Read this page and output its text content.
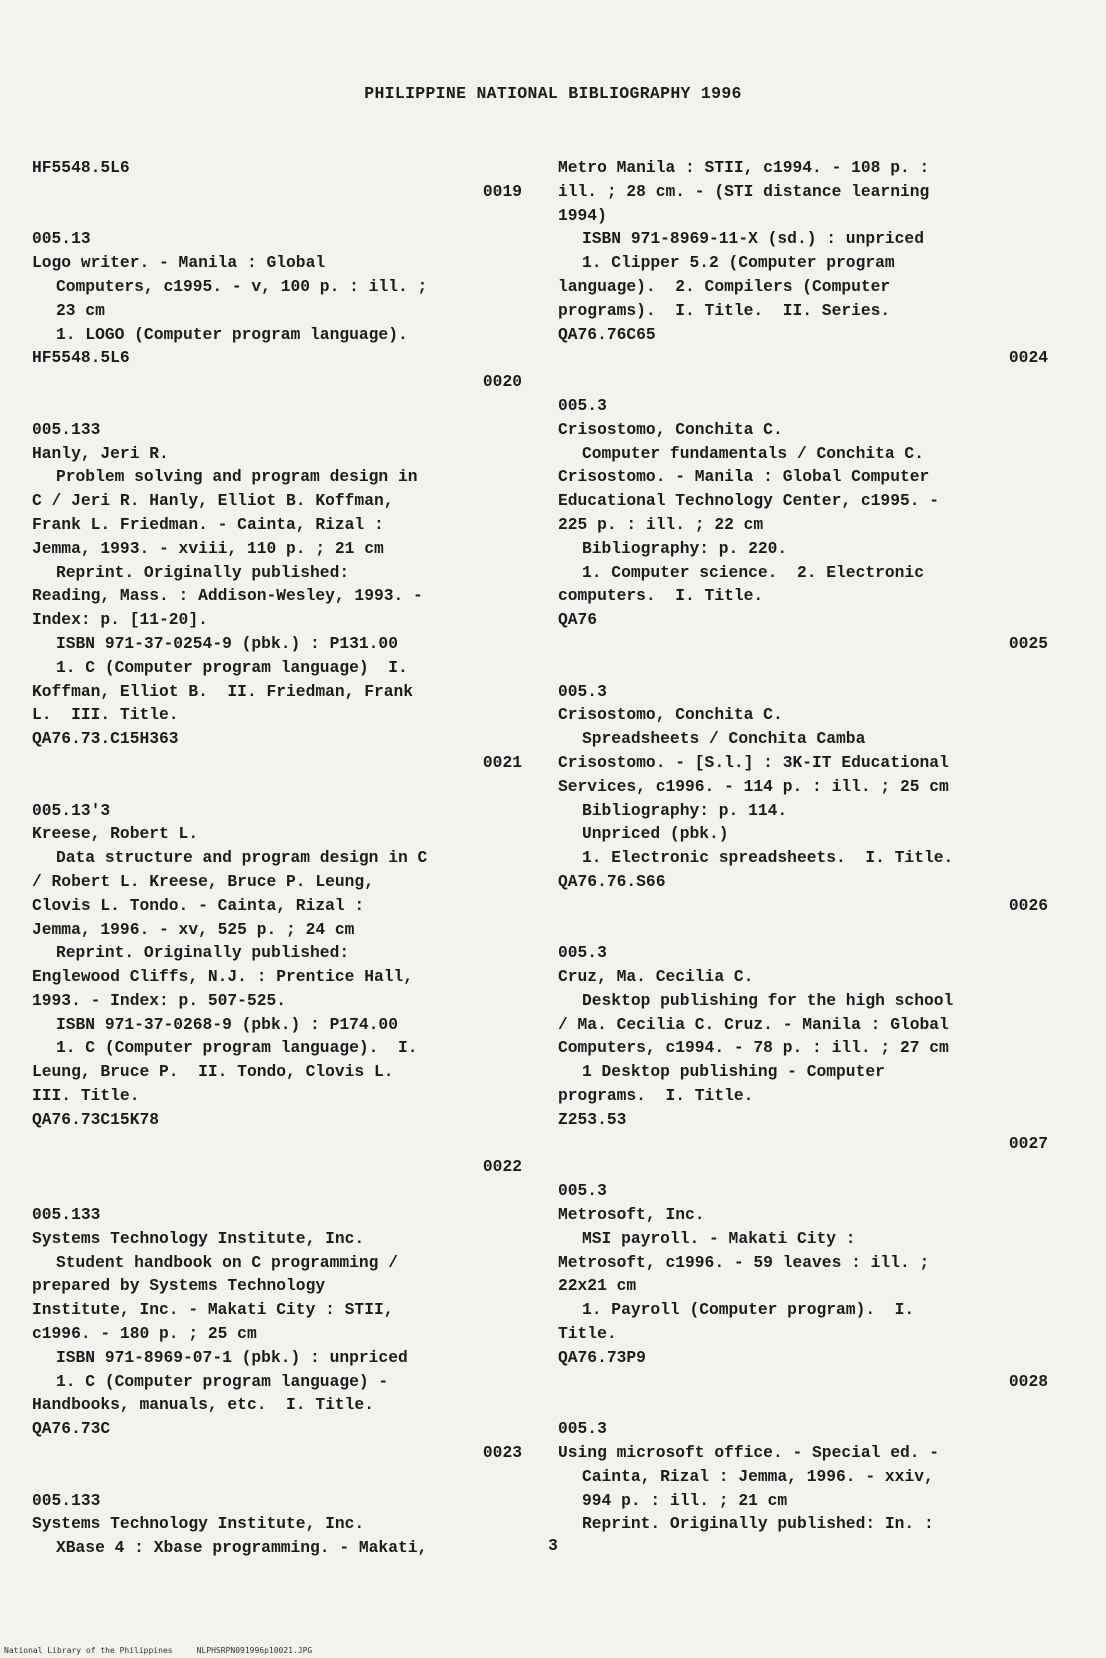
PHILIPPINE NATIONAL BIBLIOGRAPHY 1996
HF5548.5L6
0019
005.13
Logo writer. - Manila : Global
Computers, c1995. - v, 100 p. : ill. ;
23 cm
1. LOGO (Computer program language).
HF5548.5L6
0020
005.133
Hanly, Jeri R.
Problem solving and program design in
C / Jeri R. Hanly, Elliot B. Koffman,
Frank L. Friedman. - Cainta, Rizal :
Jemma, 1993. - xviii, 110 p. ; 21 cm
Reprint. Originally published:
Reading, Mass. : Addison-Wesley, 1993. -
Index: p. [11-20].
ISBN 971-37-0254-9 (pbk.) : P131.00
1. C (Computer program language)  I.
Koffman, Elliot B.  II. Friedman, Frank
L.  III. Title.
QA76.73.C15H363
0021
005.13′3
Kreese, Robert L.
Data structure and program design in C
/ Robert L. Kreese, Bruce P. Leung,
Clovis L. Tondo. - Cainta, Rizal :
Jemma, 1996. - xv, 525 p. ; 24 cm
Reprint. Originally published:
Englewood Cliffs, N.J. : Prentice Hall,
1993. - Index: p. 507-525.
ISBN 971-37-0268-9 (pbk.) : P174.00
1. C (Computer program language).  I.
Leung, Bruce P.  II. Tondo, Clovis L.
III. Title.
QA76.73C15K78
0022
005.133
Systems Technology Institute, Inc.
Student handbook on C programming /
prepared by Systems Technology
Institute, Inc. - Makati City : STII,
c1996. - 180 p. ; 25 cm
ISBN 971-8969-07-1 (pbk.) : unpriced
1. C (Computer program language) -
Handbooks, manuals, etc.  I. Title.
QA76.73C
0023
005.133
Systems Technology Institute, Inc.
XBase 4 : Xbase programming. - Makati,
Metro Manila : STII, c1994. - 108 p. :
ill. ; 28 cm. - (STI distance learning
1994)
ISBN 971-8969-11-X (sd.) : unpriced
1. Clipper 5.2 (Computer program
language).  2. Compilers (Computer
programs).  I. Title.  II. Series.
QA76.76C65
0024
005.3
Crisostomo, Conchita C.
Computer fundamentals / Conchita C.
Crisostomo. - Manila : Global Computer
Educational Technology Center, c1995. -
225 p. : ill. ; 22 cm
Bibliography: p. 220.
1. Computer science.  2. Electronic
computers.  I. Title.
QA76
0025
005.3
Crisostomo, Conchita C.
Spreadsheets / Conchita Camba
Crisostomo. - [S.l.] : 3K-IT Educational
Services, c1996. - 114 p. : ill. ; 25 cm
Bibliography: p. 114.
Unpriced (pbk.)
1. Electronic spreadsheets.  I. Title.
QA76.76.S66
0026
005.3
Cruz, Ma. Cecilia C.
Desktop publishing for the high school
/ Ma. Cecilia C. Cruz. - Manila : Global
Computers, c1994. - 78 p. : ill. ; 27 cm
1 Desktop publishing - Computer
programs.  I. Title.
Z253.53
0027
005.3
Metrosoft, Inc.
MSI payroll. - Makati City :
Metrosoft, c1996. - 59 leaves : ill. ;
22x21 cm
1. Payroll (Computer program).  I.
Title.
QA76.73P9
0028
005.3
Using microsoft office. - Special ed. -
Cainta, Rizal : Jemma, 1996. - xxiv,
994 p. : ill. ; 21 cm
Reprint. Originally published: In. :
3
National Library of the Philippines     NLPHSRPN091996p10021.JPG
